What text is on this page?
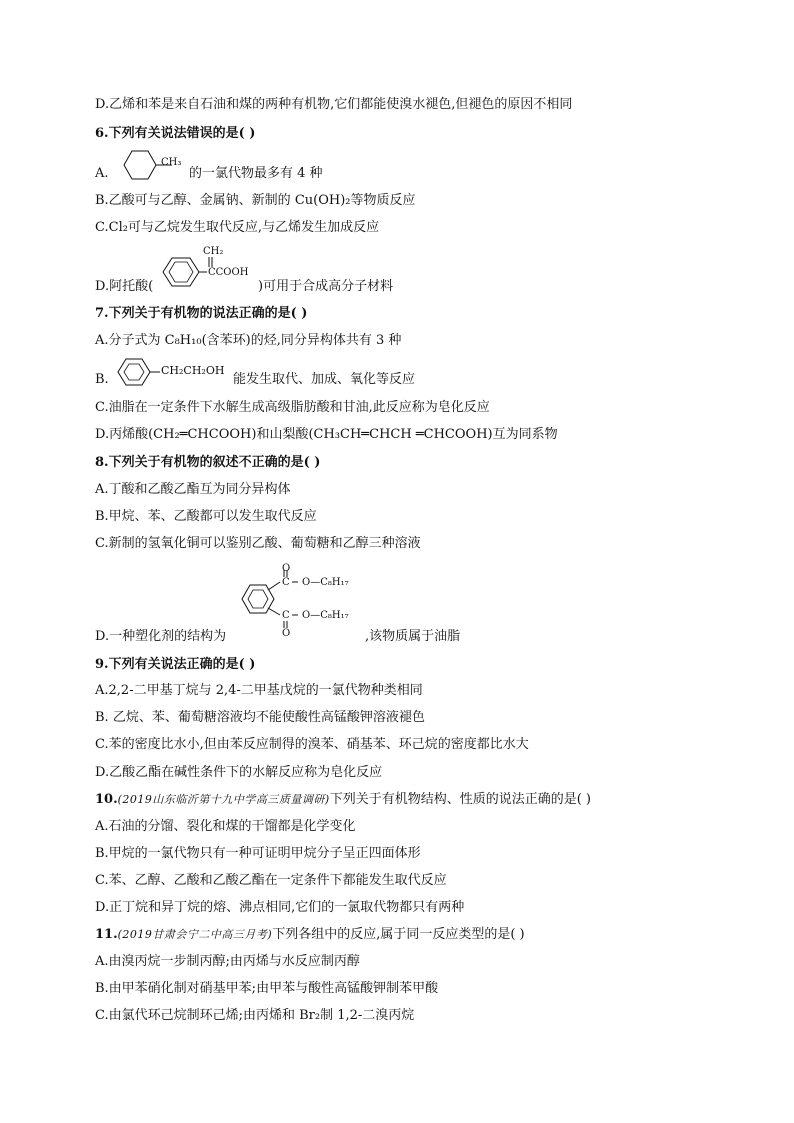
D.乙烯和苯是来自石油和煤的两种有机物,它们都能使溴水褪色,但褪色的原因不相同
6.下列有关说法错误的是( )
A.
CH₃
的一氯代物最多有 4 种
B.乙酸可与乙醇、金属钠、新制的 Cu(OH)₂等物质反应
C.Cl₂可与乙烷发生取代反应,与乙烯发生加成反应
D.阿托酸(
CH₂
CCOOH
)可用于合成高分子材料
7.下列关于有机物的说法正确的是( )
A.分子式为 C₈H₁₀(含苯环)的烃,同分异构体共有 3 种
B.
CH₂CH₂OH
能发生取代、加成、氧化等反应
C.油脂在一定条件下水解生成高级脂肪酸和甘油,此反应称为皂化反应
D.丙烯酸(CH₂═CHCOOH)和山梨酸(CH₃CH═CHCH ═CHCOOH)互为同系物
8.下列关于有机物的叙述不正确的是( )
A.丁酸和乙酸乙酯互为同分异构体
B.甲烷、苯、乙酸都可以发生取代反应
C.新制的氢氧化铜可以鉴别乙酸、葡萄糖和乙醇三种溶液
D.一种塑化剂的结构为
O
C O—C₈H₁₇
C O—C₈H₁₇
O	,该物质属于油脂
9.下列有关说法正确的是( )
A.2,2-二甲基丁烷与 2,4-二甲基戊烷的一氯代物种类相同
B. 乙烷、苯、葡萄糖溶液均不能使酸性高锰酸钾溶液褪色
C.苯的密度比水小,但由苯反应制得的溴苯、硝基苯、环己烷的密度都比水大
D.乙酸乙酯在碱性条件下的水解反应称为皂化反应
10.(2019山东临沂第十九中学高三质量调研)下列关于有机物结构、性质的说法正确的是( )
A.石油的分馏、裂化和煤的干馏都是化学变化
B.甲烷的一氯代物只有一种可证明甲烷分子呈正四面体形
C.苯、乙醇、乙酸和乙酸乙酯在一定条件下都能发生取代反应
D.正丁烷和异丁烷的熔、沸点相同,它们的一氯取代物都只有两种
11.(2019甘肃会宁二中高三月考)下列各组中的反应,属于同一反应类型的是( )
A.由溴丙烷一步制丙醇;由丙烯与水反应制丙醇
B.由甲苯硝化制对硝基甲苯;由甲苯与酸性高锰酸钾制苯甲酸
C.由氯代环己烷制环己烯;由丙烯和 Br₂制 1,2-二溴丙烷
